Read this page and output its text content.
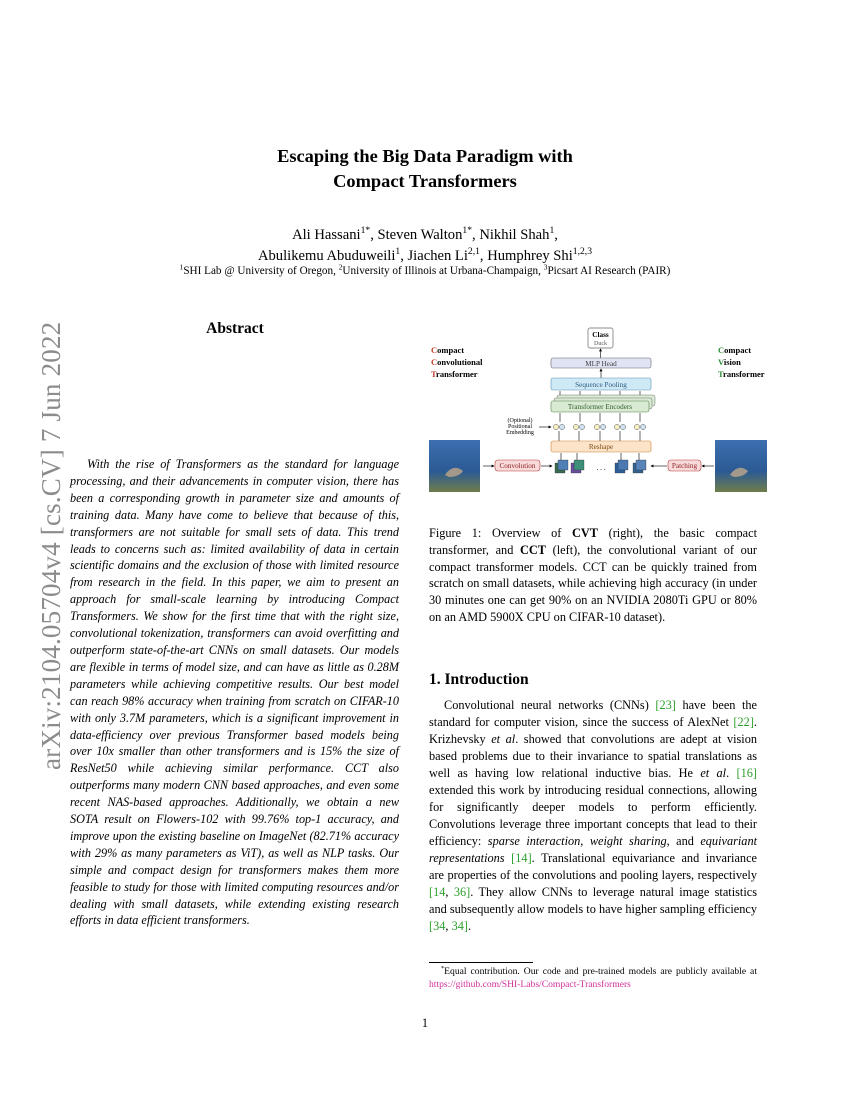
arXiv:2104.05704v4 [cs.CV] 7 Jun 2022
Escaping the Big Data Paradigm with
Compact Transformers
Ali Hassani$^{1*}$, Steven Walton$^{1*}$, Nikhil Shah$^1$,
Abulikemu Abuduweili$^1$, Jiachen Li$^{2,1}$, Humphrey Shi$^{1,2,3}$
$^1$SHI Lab @ University of Oregon, $^2$University of Illinois at Urbana-Champaign, $^3$Picsart AI Research (PAIR)
Abstract
With the rise of Transformers as the standard for language processing, and their advancements in computer vision, there has been a corresponding growth in parameter size and amounts of training data. Many have come to believe that because of this, transformers are not suitable for small sets of data. This trend leads to concerns such as: limited availability of data in certain scientific domains and the exclusion of those with limited resource from research in the field. In this paper, we aim to present an approach for small-scale learning by introducing Compact Transformers. We show for the first time that with the right size, convolutional tokenization, transformers can avoid overfitting and outperform state-of-the-art CNNs on small datasets. Our models are flexible in terms of model size, and can have as little as 0.28M parameters while achieving competitive results. Our best model can reach 98% accuracy when training from scratch on CIFAR-10 with only 3.7M parameters, which is a significant improvement in data-efficiency over previous Transformer based models being over 10x smaller than other transformers and is 15% the size of ResNet50 while achieving similar performance. CCT also outperforms many modern CNN based approaches, and even some recent NAS-based approaches. Additionally, we obtain a new SOTA result on Flowers-102 with 99.76% top-1 accuracy, and improve upon the existing baseline on ImageNet (82.71% accuracy with 29% as many parameters as ViT), as well as NLP tasks. Our simple and compact design for transformers makes them more feasible to study for those with limited computing resources and/or dealing with small datasets, while extending existing research efforts in data efficient transformers.
Compact
Convolutional
Transformer
Compact
Vision
Transformer
Class
Duck
MLP Head
Sequence Pooling
Transformer Encoders
(Optional)
Positional
Embedding
Reshape
Convolution	. . .	Patching
Figure 1: Overview of CVT (right), the basic compact transformer, and CCT (left), the convolutional variant of our compact transformer models. CCT can be quickly trained from scratch on small datasets, while achieving high accuracy (in under 30 minutes one can get 90% on an NVIDIA 2080Ti GPU or 80% on an AMD 5900X CPU on CIFAR-10 dataset).
1. Introduction
Convolutional neural networks (CNNs) [23] have been the standard for computer vision, since the success of AlexNet [22]. Krizhevsky et al. showed that convolutions are adept at vision based problems due to their invariance to spatial translations as well as having low relational inductive bias. He et al. [16] extended this work by introducing residual connections, allowing for significantly deeper models to perform efficiently. Convolutions leverage three important concepts that lead to their efficiency: sparse interaction, weight sharing, and equivariant representations [14]. Translational equivariance and invariance are properties of the convolutions and pooling layers, respectively [14, 36]. They allow CNNs to leverage natural image statistics and subsequently allow models to have higher sampling efficiency [34, 34].
*Equal contribution. Our code and pre-trained models are publicly available at https://github.com/SHI-Labs/Compact-Transformers
1
